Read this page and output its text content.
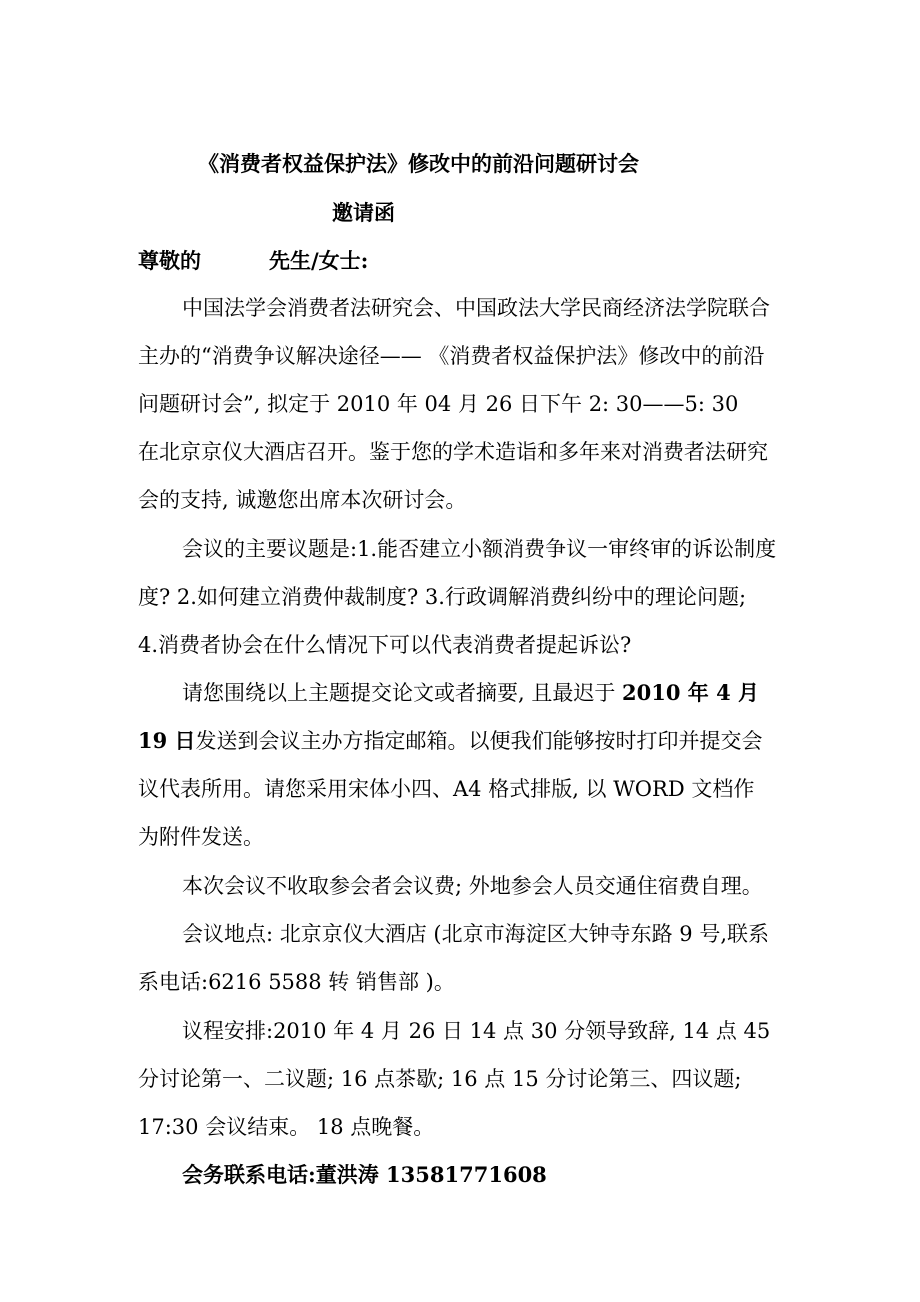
《消费者权益保护法》修改中的前沿问题研讨会
邀请函
尊敬的	先生/女士:
中国法学会消费者法研究会、中国政法大学民商经济法学院联合
主办的“消费争议解决途径—— 《消费者权益保护法》修改中的前沿
问题研讨会”, 拟定于 2010 年 04 月 26 日下午 2: 30——5: 30
在北京京仪大酒店召开。鉴于您的学术造诣和多年来对消费者法研究
会的支持, 诚邀您出席本次研讨会。
会议的主要议题是:1.能否建立小额消费争议一审终审的诉讼制度
度? 2.如何建立消费仲裁制度? 3.行政调解消费纠纷中的理论问题;
4.消费者协会在什么情况下可以代表消费者提起诉讼?
请您围绕以上主题提交论文或者摘要, 且最迟于 2010 年 4 月
19 日发送到会议主办方指定邮箱。以便我们能够按时打印并提交会
议代表所用。请您采用宋体小四、A4 格式排版, 以 WORD 文档作
为附件发送。
本次会议不收取参会者会议费; 外地参会人员交通住宿费自理。
会议地点: 北京京仪大酒店 (北京市海淀区大钟寺东路 9 号,联系
系电话:6216 5588 转 销售部 )。
议程安排:2010 年 4 月 26 日 14 点 30 分领导致辞, 14 点 45
分讨论第一、二议题; 16 点茶歇; 16 点 15 分讨论第三、四议题;
17:30 会议结束。 18 点晚餐。
会务联系电话:董洪涛 13581771608
